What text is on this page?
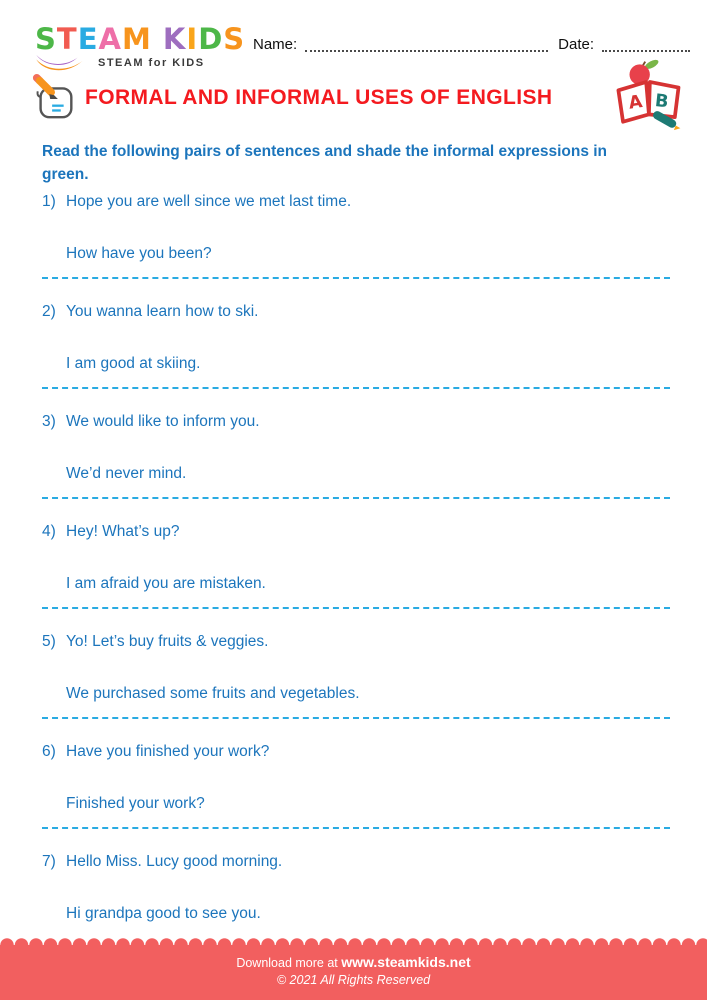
STEAM KIDS
STEAM for KIDS
Name:	Date:
FORMAL AND INFORMAL USES OF ENGLISH	A B
Read the following pairs of sentences and shade the informal expressions in
green.
1) Hope you are well since we met last time.
How have you been?
2) You wanna learn how to ski.
I am good at skiing.
3) We would like to inform you.
We’d never mind.
4) Hey! What’s up?
I am afraid you are mistaken.
5) Yo! Let’s buy fruits & veggies.
We purchased some fruits and vegetables.
6) Have you finished your work?
Finished your work?
7) Hello Miss. Lucy good morning.
Hi grandpa good to see you.
Download more at www.steamkids.net
© 2021 All Rights Reserved
